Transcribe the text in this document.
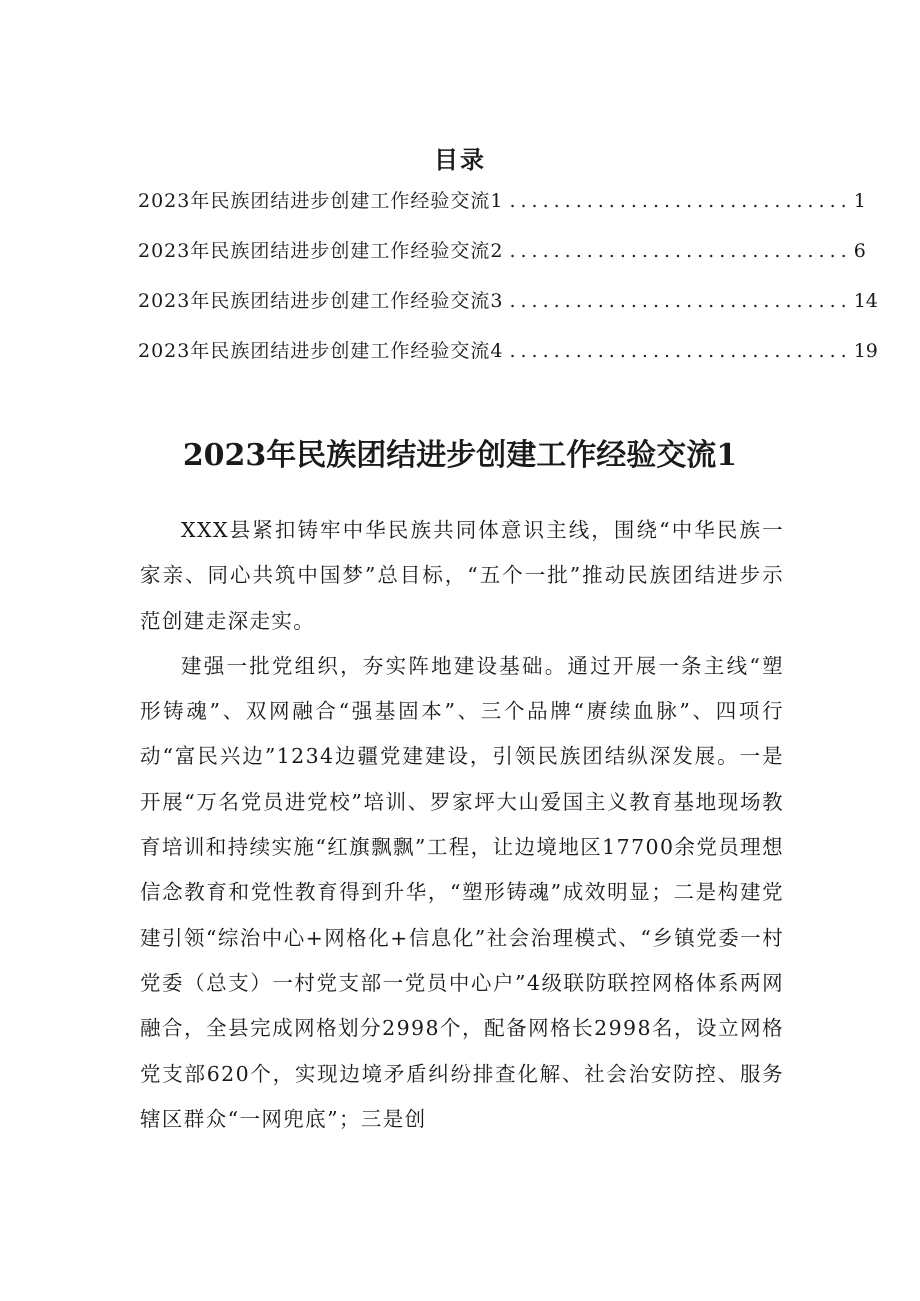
目录
2023年民族团结进步创建工作经验交流1 ............................... 1
2023年民族团结进步创建工作经验交流2 ............................... 6
2023年民族团结进步创建工作经验交流3 ............................... 14
2023年民族团结进步创建工作经验交流4 ............................... 19
2023年民族团结进步创建工作经验交流1

XXX县紧扣铸牢中华民族共同体意识主线，围绕“中华民族一家亲、同心共筑中国梦”总目标，“五个一批”推动民族团结进步示范创建走深走实。

建强一批党组织，夯实阵地建设基础。通过开展一条主线“塑形铸魂”、双网融合“强基固本”、三个品牌“赓续血脉”、四项行动“富民兴边”1234边疆党建建设，引领民族团结纵深发展。一是开展“万名党员进党校”培训、罗家坪大山爱国主义教育基地现场教育培训和持续实施“红旗飘飘”工程，让边境地区17700余党员理想信念教育和党性教育得到升华，“塑形铸魂”成效明显；二是构建党建引领“综治中心+网格化+信息化”社会治理模式、“乡镇党委一村党委（总支）一村党支部一党员中心户”4级联防联控网格体系两网融合，全县完成网格划分2998个，配备网格长2998名，设立网格党支部620个，实现边境矛盾纠纷排查化解、社会治安防控、服务辖区群众“一网兜底”；三是创
